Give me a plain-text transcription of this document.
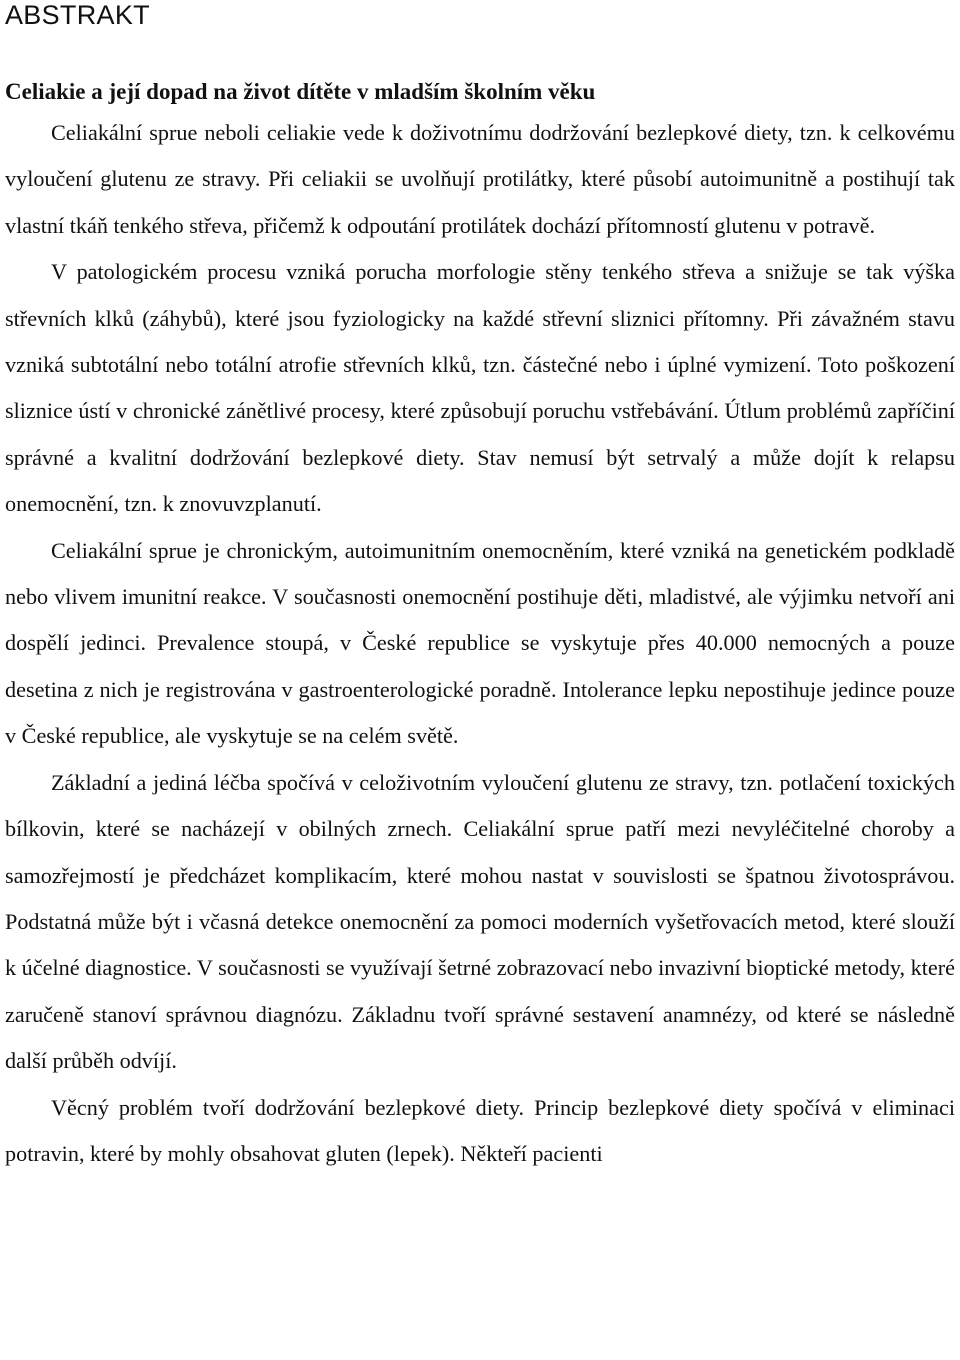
ABSTRAKT
Celiakie a její dopad na život dítěte v mladším školním věku

Celiakální sprue neboli celiakie vede k doživotnímu dodržování bezlepkové diety, tzn. k celkovému vyloučení glutenu ze stravy. Při celiakii se uvolňují protilátky, které působí autoimunitně a postihují tak vlastní tkáň tenkého střeva, přičemž k odpoutání protilátek dochází přítomností glutenu v potravě.

V patologickém procesu vzniká porucha morfologie stěny tenkého střeva a snižuje se tak výška střevních klků (záhybů), které jsou fyziologicky na každé střevní sliznici přítomny. Při závažném stavu vzniká subtotální nebo totální atrofie střevních klků, tzn. částečné nebo i úplné vymizení. Toto poškození sliznice ústí v chronické zánětlivé procesy, které způsobují poruchu vstřebávání. Útlum problémů zapříčiní správné a kvalitní dodržování bezlepkové diety. Stav nemusí být setrvalý a může dojít k relapsu onemocnění, tzn. k znovuvzplanutí.

Celiakální sprue je chronickým, autoimunitním onemocněním, které vzniká na genetickém podkladě nebo vlivem imunitní reakce. V současnosti onemocnění postihuje děti, mladistvé, ale výjimku netvoří ani dospělí jedinci. Prevalence stoupá, v České republice se vyskytuje přes 40.000 nemocných a pouze desetina z nich je registrována v gastroenterologické poradně. Intolerance lepku nepostihuje jedince pouze v České republice, ale vyskytuje se na celém světě.

Základní a jediná léčba spočívá v celoživotním vyloučení glutenu ze stravy, tzn. potlačení toxických bílkovin, které se nacházejí v obilných zrnech. Celiakální sprue patří mezi nevyléčitelné choroby a samozřejmostí je předcházet komplikacím, které mohou nastat v souvislosti se špatnou životosprávou. Podstatná může být i včasná detekce onemocnění za pomoci moderních vyšetřovacích metod, které slouží k účelné diagnostice. V současnosti se využívají šetrné zobrazovací nebo invazivní bioptické metody, které zaručeně stanoví správnou diagnózu. Základnu tvoří správné sestavení anamnézy, od které se následně další průběh odvíjí.

Věcný problém tvoří dodržování bezlepkové diety. Princip bezlepkové diety spočívá v eliminaci potravin, které by mohly obsahovat gluten (lepek). Někteří pacienti
